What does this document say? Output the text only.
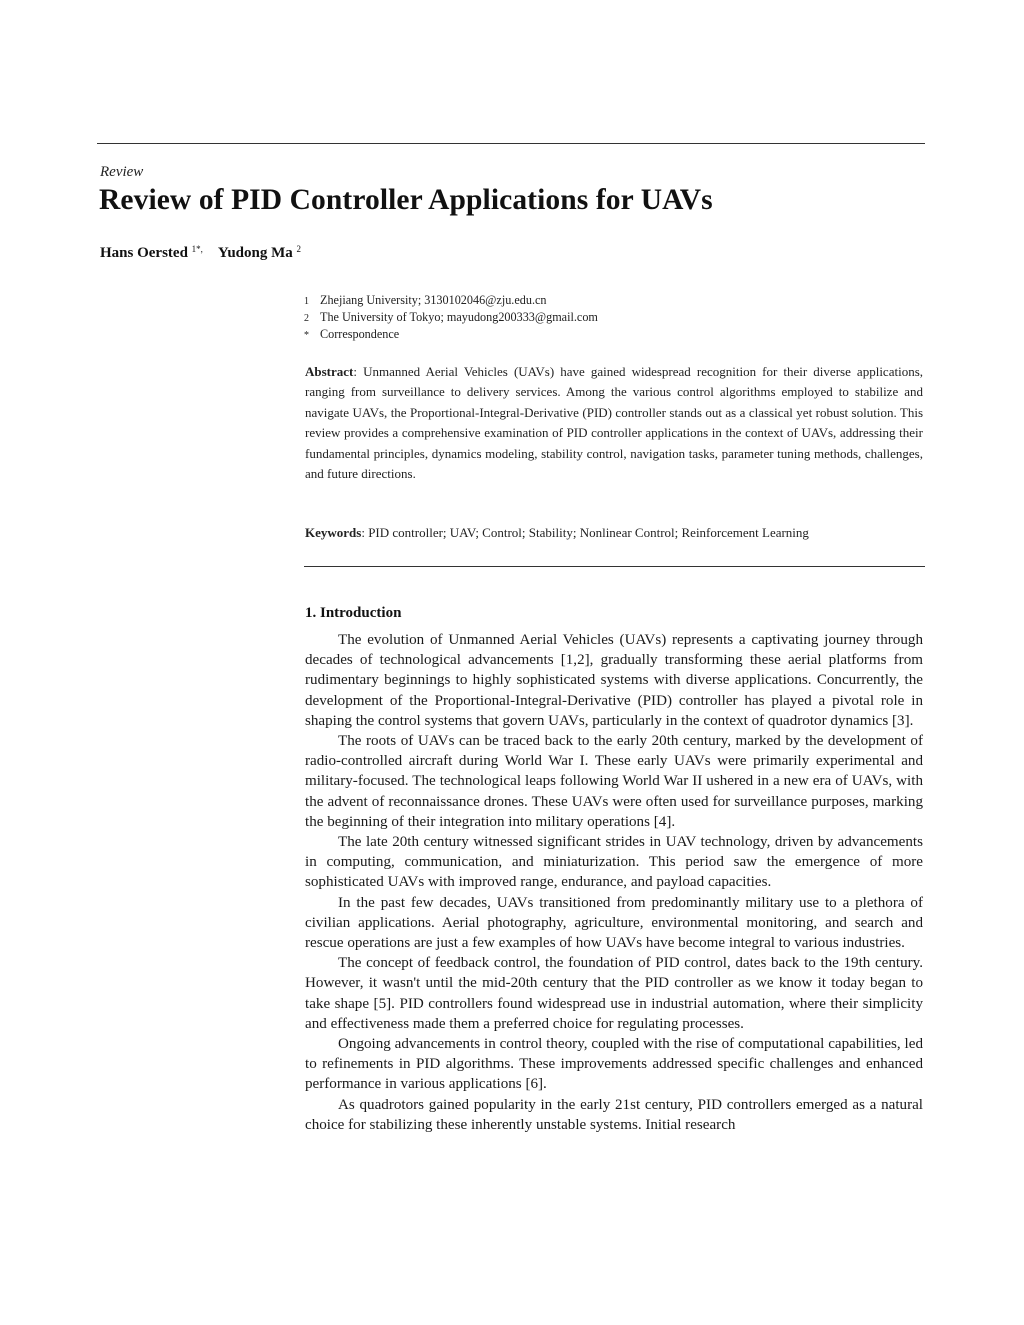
Review
Review of PID Controller Applications for UAVs
Hans Oersted $^{1*,}$ Yudong Ma $^2$
1 Zhejiang University; 3130102046@zju.edu.cn
2 The University of Tokyo; mayudong200333@gmail.com
* Correspondence
Abstract: Unmanned Aerial Vehicles (UAVs) have gained widespread recognition for their diverse applications, ranging from surveillance to delivery services. Among the various control algorithms employed to stabilize and navigate UAVs, the Proportional-Integral-Derivative (PID) controller stands out as a classical yet robust solution. This review provides a comprehensive examination of PID controller applications in the context of UAVs, addressing their fundamental principles, dynamics modeling, stability control, navigation tasks, parameter tuning methods, challenges, and future directions.
Keywords: PID controller; UAV; Control; Stability; Nonlinear Control; Reinforcement Learning
1. Introduction

The evolution of Unmanned Aerial Vehicles (UAVs) represents a captivating journey through decades of technological advancements [1,2], gradually transforming these aerial platforms from rudimentary beginnings to highly sophisticated systems with diverse applications. Concurrently, the development of the Proportional-Integral-Derivative (PID) controller has played a pivotal role in shaping the control systems that govern UAVs, particularly in the context of quadrotor dynamics [3].

The roots of UAVs can be traced back to the early 20th century, marked by the development of radio-controlled aircraft during World War I. These early UAVs were primarily experimental and military-focused. The technological leaps following World War II ushered in a new era of UAVs, with the advent of reconnaissance drones. These UAVs were often used for surveillance purposes, marking the beginning of their integration into military operations [4].

The late 20th century witnessed significant strides in UAV technology, driven by advancements in computing, communication, and miniaturization. This period saw the emergence of more sophisticated UAVs with improved range, endurance, and payload capacities.

In the past few decades, UAVs transitioned from predominantly military use to a plethora of civilian applications. Aerial photography, agriculture, environmental monitoring, and search and rescue operations are just a few examples of how UAVs have become integral to various industries.

The concept of feedback control, the foundation of PID control, dates back to the 19th century. However, it wasn't until the mid-20th century that the PID controller as we know it today began to take shape [5]. PID controllers found widespread use in industrial automation, where their simplicity and effectiveness made them a preferred choice for regulating processes.

Ongoing advancements in control theory, coupled with the rise of computational capabilities, led to refinements in PID algorithms. These improvements addressed specific challenges and enhanced performance in various applications [6].

As quadrotors gained popularity in the early 21st century, PID controllers emerged as a natural choice for stabilizing these inherently unstable systems. Initial research
